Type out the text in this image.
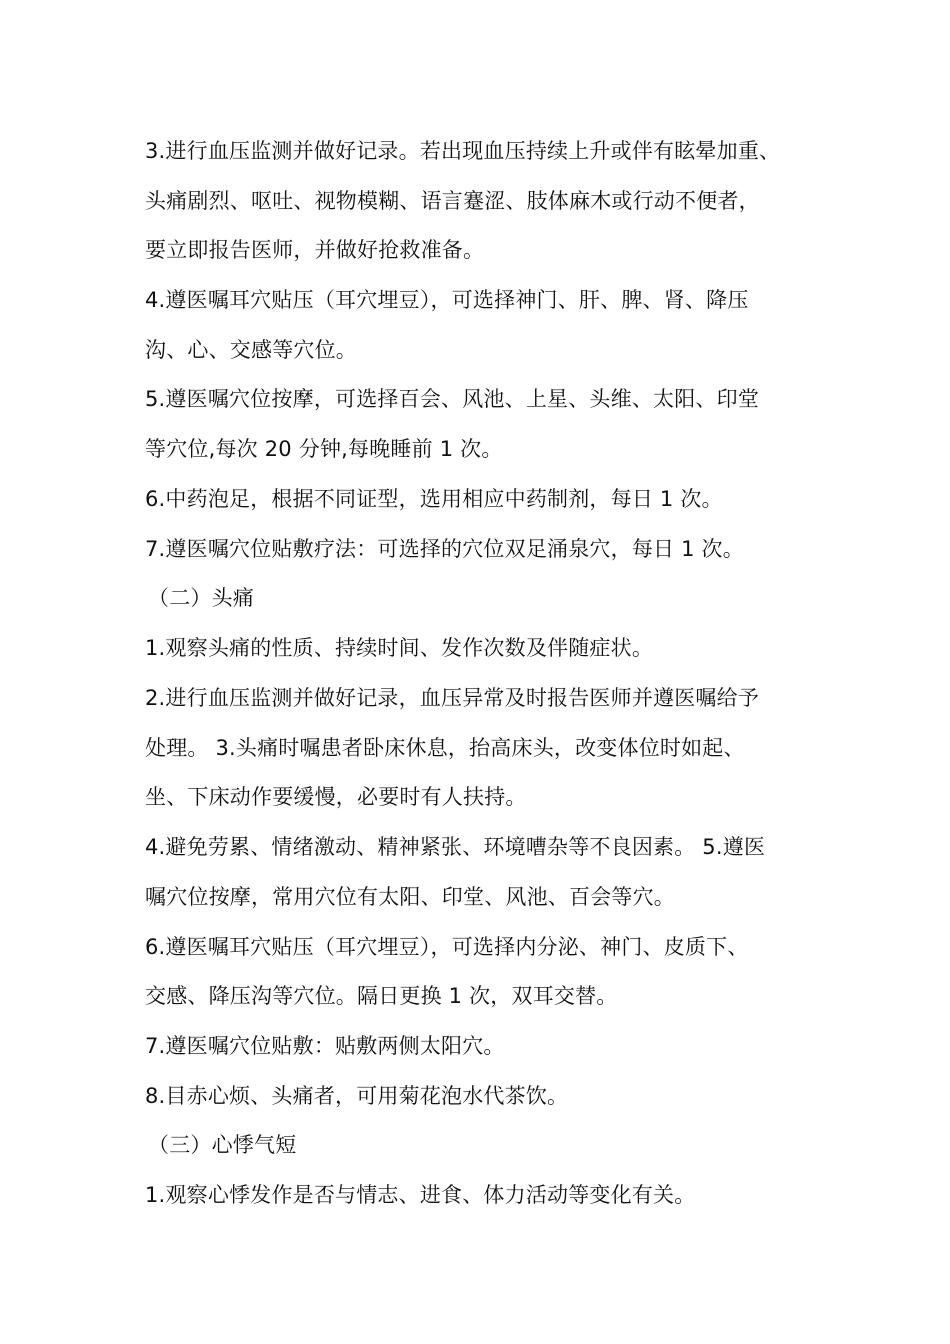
3.进行血压监测并做好记录。若出现血压持续上升或伴有眩晕加重、
头痛剧烈、呕吐、视物模糊、语言蹇涩、肢体麻木或行动不便者，
要立即报告医师，并做好抢救准备。
4.遵医嘱耳穴贴压（耳穴埋豆），可选择神门、肝、脾、肾、降压
沟、心、交感等穴位。
5.遵医嘱穴位按摩，可选择百会、风池、上星、头维、太阳、印堂
等穴位,每次 20 分钟,每晚睡前 1 次。
6.中药泡足，根据不同证型，选用相应中药制剂，每日 1 次。
7.遵医嘱穴位贴敷疗法：可选择的穴位双足涌泉穴，每日 1 次。
（二）头痛
1.观察头痛的性质、持续时间、发作次数及伴随症状。
2.进行血压监测并做好记录，血压异常及时报告医师并遵医嘱给予
处理。 3.头痛时嘱患者卧床休息，抬高床头，改变体位时如起、
坐、下床动作要缓慢，必要时有人扶持。
4.避免劳累、情绪激动、精神紧张、环境嘈杂等不良因素。 5.遵医
嘱穴位按摩，常用穴位有太阳、印堂、风池、百会等穴。
6.遵医嘱耳穴贴压（耳穴埋豆），可选择内分泌、神门、皮质下、
交感、降压沟等穴位。隔日更换 1 次，双耳交替。
7.遵医嘱穴位贴敷：贴敷两侧太阳穴。
8.目赤心烦、头痛者，可用菊花泡水代茶饮。
（三）心悸气短
1.观察心悸发作是否与情志、进食、体力活动等变化有关。
